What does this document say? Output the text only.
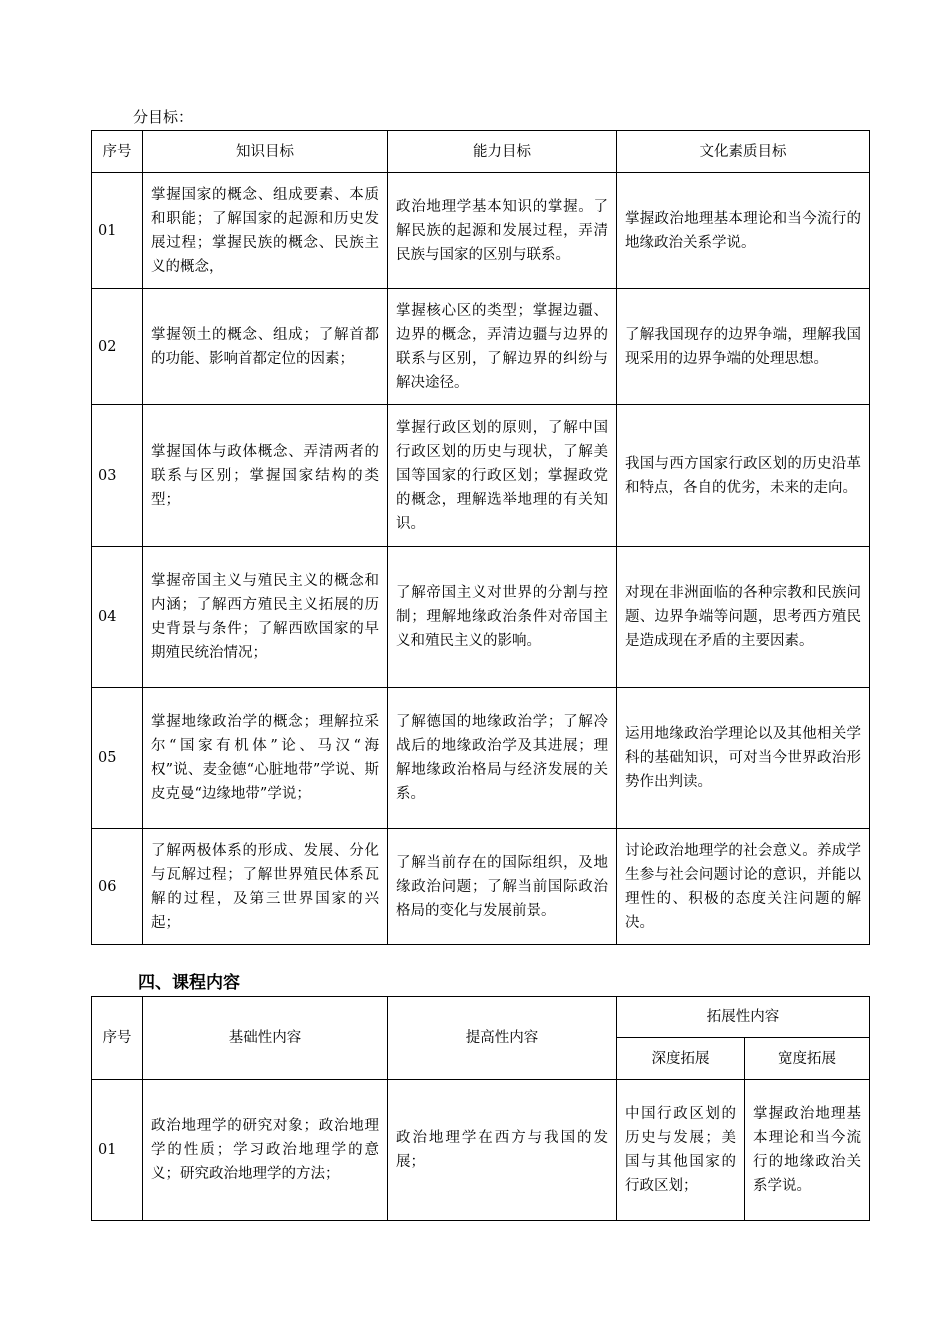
分目标：
序号	知识目标	能力目标	文化素质目标
01	掌握国家的概念、组成要素、本质和职能；了解国家的起源和历史发展过程；掌握民族的概念、民族主义的概念，	政治地理学基本知识的掌握。了解民族的起源和发展过程，弄清民族与国家的区别与联系。	掌握政治地理基本理论和当今流行的地缘政治关系学说。
02	掌握领土的概念、组成；了解首都的功能、影响首都定位的因素；	掌握核心区的类型；掌握边疆、边界的概念，弄清边疆与边界的联系与区别，了解边界的纠纷与解决途径。	了解我国现存的边界争端，理解我国现采用的边界争端的处理思想。
03	掌握国体与政体概念、弄清两者的联系与区别；掌握国家结构的类型；	掌握行政区划的原则，了解中国行政区划的历史与现状，了解美国等国家的行政区划；掌握政党的概念，理解选举地理的有关知识。	我国与西方国家行政区划的历史沿革和特点，各自的优劣，未来的走向。
04	掌握帝国主义与殖民主义的概念和内涵；了解西方殖民主义拓展的历史背景与条件；了解西欧国家的早期殖民统治情况；	了解帝国主义对世界的分割与控制；理解地缘政治条件对帝国主义和殖民主义的影响。	对现在非洲面临的各种宗教和民族问题、边界争端等问题，思考西方殖民是造成现在矛盾的主要因素。
05	掌握地缘政治学的概念；理解拉采尔“国家有机体”论、马汉“海权”说、麦金德“心脏地带”学说、斯皮克曼“边缘地带”学说；	了解德国的地缘政治学；了解冷战后的地缘政治学及其进展；理解地缘政治格局与经济发展的关系。	运用地缘政治学理论以及其他相关学科的基础知识，可对当今世界政治形势作出判读。
06	了解两极体系的形成、发展、分化与瓦解过程；了解世界殖民体系瓦解的过程，及第三世界国家的兴起；	了解当前存在的国际组织，及地缘政治问题；了解当前国际政治格局的变化与发展前景。	讨论政治地理学的社会意义。养成学生参与社会问题讨论的意识，并能以理性的、积极的态度关注问题的解决。
四、课程内容
序号	基础性内容	提高性内容	拓展性内容	
			深度拓展	宽度拓展
01	政治地理学的研究对象；政治地理学的性质；学习政治地理学的意义；研究政治地理学的方法；	政治地理学在西方与我国的发展；	中国行政区划的历史与发展；美国与其他国家的行政区划；	掌握政治地理基本理论和当今流行的地缘政治关系学说。
